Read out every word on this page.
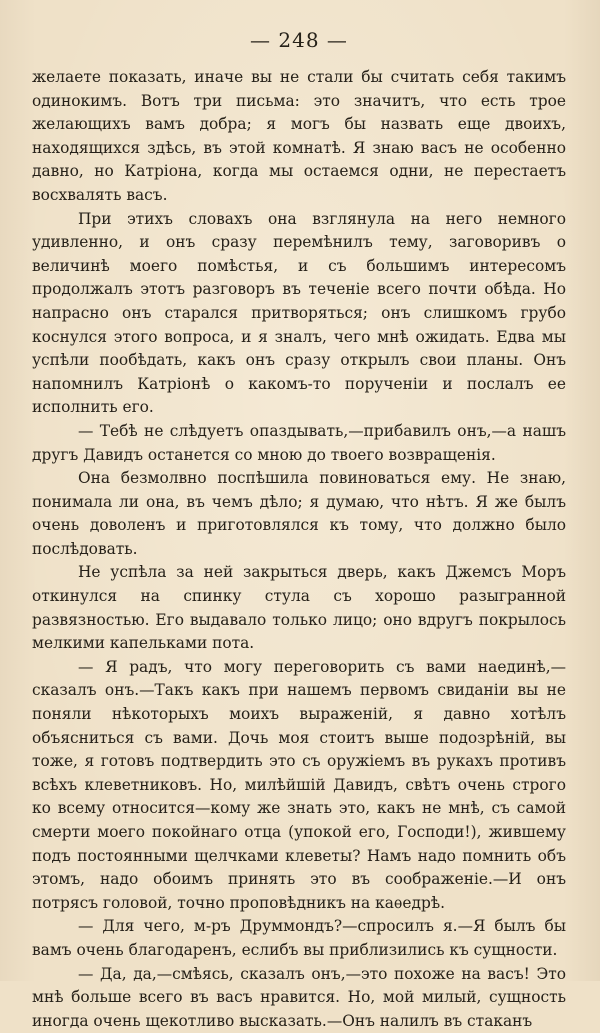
— 248 —

желаете показать, иначе вы не стали бы считать себя такимъ одинокимъ. Вотъ три письма: это значитъ, что есть трое желающихъ вамъ добра; я могъ бы назвать еще двоихъ, находящихся здѣсь, въ этой комнатѣ. Я знаю васъ не особенно давно, но Катріона, когда мы остаемся одни, не перестаетъ восхвалять васъ.

При этихъ словахъ она взглянула на него немного удивленно, и онъ сразу перемѣнилъ тему, заговоривъ о величинѣ моего помѣстья, и съ большимъ интересомъ продолжалъ этотъ разговоръ въ теченіе всего почти обѣда. Но напрасно онъ старался притворяться; онъ слишкомъ грубо коснулся этого вопроса, и я зналъ, чего мнѣ ожидать. Едва мы успѣли пообѣдать, какъ онъ сразу открылъ свои планы. Онъ напомнилъ Катріонѣ о какомъ-то порученіи и послалъ ее исполнить его.

— Тебѣ не слѣдуетъ опаздывать,—прибавилъ онъ,—а нашъ другъ Давидъ останется со мною до твоего возвращенія.

Она безмолвно поспѣшила повиноваться ему. Не знаю, понимала ли она, въ чемъ дѣло; я думаю, что нѣтъ. Я же былъ очень доволенъ и приготовлялся къ тому, что должно было послѣдовать.

Не успѣла за ней закрыться дверь, какъ Джемсъ Моръ откинулся на спинку стула съ хорошо разыгранной развязностью. Его выдавало только лицо; оно вдругъ покрылось мелкими капельками пота.

— Я радъ, что могу переговорить съ вами наединѣ,—сказалъ онъ.—Такъ какъ при нашемъ первомъ свиданіи вы не поняли нѣкоторыхъ моихъ выраженій, я давно хотѣлъ объясниться съ вами. Дочь моя стоитъ выше подозрѣній, вы тоже, я готовъ подтвердить это съ оружіемъ въ рукахъ противъ всѣхъ клеветниковъ. Но, милѣйшій Давидъ, свѣтъ очень строго ко всему относится—кому же знать это, какъ не мнѣ, съ самой смерти моего покойнаго отца (упокой его, Господи!), жившему подъ постоянными щелчками клеветы? Намъ надо помнить объ этомъ, надо обоимъ принять это въ соображеніе.—И онъ потрясъ головой, точно проповѣдникъ на каѳедрѣ.

— Для чего, м-ръ Друммондъ?—спросилъ я.—Я былъ бы вамъ очень благодаренъ, еслибъ вы приблизились къ сущности.

— Да, да,—смѣясь, сказалъ онъ,—это похоже на васъ! Это мнѣ больше всего въ васъ нравится. Но, мой милый, сущность иногда очень щекотливо высказать.—Онъ налилъ въ стаканъ
